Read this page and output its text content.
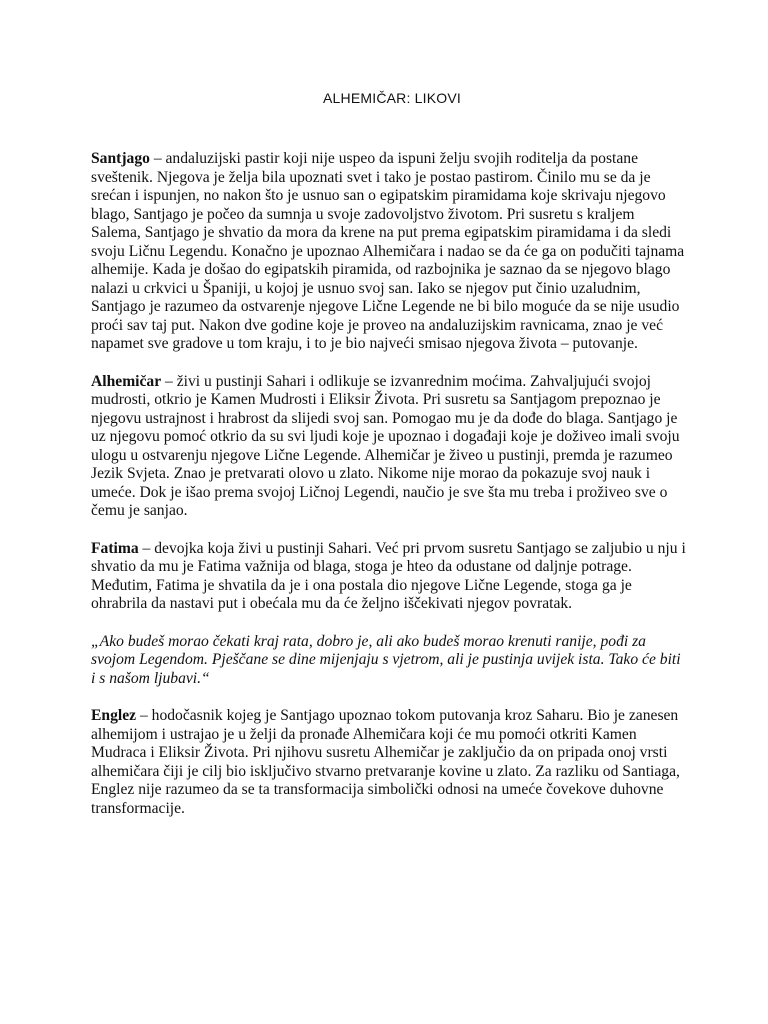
ALHEMIČAR: LIKOVI

Santjago – andaluzijski pastir koji nije uspeo da ispuni želju svojih roditelja da postane sveštenik. Njegova je želja bila upoznati svet i tako je postao pastirom. Činilo mu se da je srećan i ispunjen, no nakon što je usnuo san o egipatskim piramidama koje skrivaju njegovo blago, Santjago je počeo da sumnja u svoje zadovoljstvo životom. Pri susretu s kraljem Salema, Santjago je shvatio da mora da krene na put prema egipatskim piramidama i da sledi svoju Ličnu Legendu. Konačno je upoznao Alhemičara i nadao se da će ga on podučiti tajnama alhemije. Kada je došao do egipatskih piramida, od razbojnika je saznao da se njegovo blago nalazi u crkvici u Španiji, u kojoj je usnuo svoj san. Iako se njegov put činio uzaludnim, Santjago je razumeo da ostvarenje njegove Lične Legende ne bi bilo moguće da se nije usudio proći sav taj put. Nakon dve godine koje je proveo na andaluzijskim ravnicama, znao je već napamet sve gradove u tom kraju, i to je bio najveći smisao njegova života – putovanje.

Alhemičar – živi u pustinji Sahari i odlikuje se izvanrednim moćima. Zahvaljujući svojoj mudrosti, otkrio je Kamen Mudrosti i Eliksir Života. Pri susretu sa Santjagom prepoznao je njegovu ustrajnost i hrabrost da slijedi svoj san. Pomogao mu je da dođe do blaga. Santjago je uz njegovu pomoć otkrio da su svi ljudi koje je upoznao i događaji koje je doživeo imali svoju ulogu u ostvarenju njegove Lične Legende. Alhemičar je živeo u pustinji, premda je razumeo Jezik Svjeta. Znao je pretvarati olovo u zlato. Nikome nije morao da pokazuje svoj nauk i umeće. Dok je išao prema svojoj Ličnoj Legendi, naučio je sve šta mu treba i proživeo sve o čemu je sanjao.

Fatima – devojka koja živi u pustinji Sahari. Već pri prvom susretu Santjago se zaljubio u nju i shvatio da mu je Fatima važnija od blaga, stoga je hteo da odustane od daljnje potrage. Međutim, Fatima je shvatila da je i ona postala dio njegove Lične Legende, stoga ga je ohrabrila da nastavi put i obećala mu da će željno iščekivati njegov povratak.

„Ako budeš morao čekati kraj rata, dobro je, ali ako budeš morao krenuti ranije, pođi za svojom Legendom. Pješčane se dine mijenjaju s vjetrom, ali je pustinja uvijek ista. Tako će biti i s našom ljubavi.“

Englez – hodočasnik kojeg je Santjago upoznao tokom putovanja kroz Saharu. Bio je zanesen alhemijom i ustrajao je u želji da pronađe Alhemičara koji će mu pomoći otkriti Kamen Mudraca i Eliksir Života. Pri njihovu susretu Alhemičar je zaključio da on pripada onoj vrsti alhemičara čiji je cilj bio isključivo stvarno pretvaranje kovine u zlato. Za razliku od Santiaga, Englez nije razumeo da se ta transformacija simbolički odnosi na umeće čovekove duhovne transformacije.
